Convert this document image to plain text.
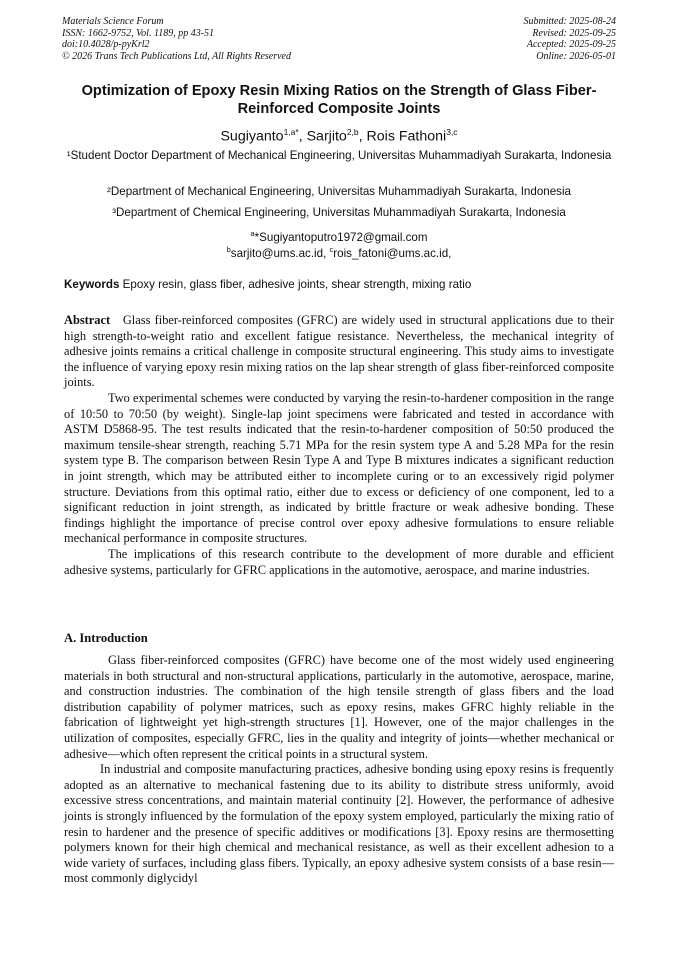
Materials Science Forum
ISSN: 1662-9752, Vol. 1189, pp 43-51
doi:10.4028/p-pyKrl2
© 2026 Trans Tech Publications Ltd, All Rights Reserved
Submitted: 2025-08-24
Revised: 2025-09-25
Accepted: 2025-09-25
Online: 2026-05-01
Optimization of Epoxy Resin Mixing Ratios on the Strength of Glass Fiber-Reinforced Composite Joints
Sugiyanto$^{1,a*}$, Sarjito$^{2,b}$, Rois Fathoni$^{3,c}$
¹Student Doctor Department of Mechanical Engineering, Universitas Muhammadiyah Surakarta, Indonesia
²Department of Mechanical Engineering, Universitas Muhammadiyah Surakarta, Indonesia
³Department of Chemical Engineering, Universitas Muhammadiyah Surakarta, Indonesia
$^a$*Sugiyantoputro1972@gmail.com
$^b$sarjito@ums.ac.id, $^c$rois_fatoni@ums.ac.id,
Keywords Epoxy resin, glass fiber, adhesive joints, shear strength, mixing ratio

Abstract Glass fiber-reinforced composites (GFRC) are widely used in structural applications due to their high strength-to-weight ratio and excellent fatigue resistance. Nevertheless, the mechanical integrity of adhesive joints remains a critical challenge in composite structural engineering. This study aims to investigate the influence of varying epoxy resin mixing ratios on the lap shear strength of glass fiber-reinforced composite joints.

Two experimental schemes were conducted by varying the resin-to-hardener composition in the range of 10:50 to 70:50 (by weight). Single-lap joint specimens were fabricated and tested in accordance with ASTM D5868-95. The test results indicated that the resin-to-hardener composition of 50:50 produced the maximum tensile-shear strength, reaching 5.71 MPa for the resin system type A and 5.28 MPa for the resin system type B. The comparison between Resin Type A and Type B mixtures indicates a significant reduction in joint strength, which may be attributed either to incomplete curing or to an excessively rigid polymer structure. Deviations from this optimal ratio, either due to excess or deficiency of one component, led to a significant reduction in joint strength, as indicated by brittle fracture or weak adhesive bonding. These findings highlight the importance of precise control over epoxy adhesive formulations to ensure reliable mechanical performance in composite structures.

The implications of this research contribute to the development of more durable and efficient adhesive systems, particularly for GFRC applications in the automotive, aerospace, and marine industries.

A. Introduction

Glass fiber-reinforced composites (GFRC) have become one of the most widely used engineering materials in both structural and non-structural applications, particularly in the automotive, aerospace, marine, and construction industries. The combination of the high tensile strength of glass fibers and the load distribution capability of polymer matrices, such as epoxy resins, makes GFRC highly reliable in the fabrication of lightweight yet high-strength structures [1]. However, one of the major challenges in the utilization of composites, especially GFRC, lies in the quality and integrity of joints—whether mechanical or adhesive—which often represent the critical points in a structural system.

In industrial and composite manufacturing practices, adhesive bonding using epoxy resins is frequently adopted as an alternative to mechanical fastening due to its ability to distribute stress uniformly, avoid excessive stress concentrations, and maintain material continuity [2]. However, the performance of adhesive joints is strongly influenced by the formulation of the epoxy system employed, particularly the mixing ratio of resin to hardener and the presence of specific additives or modifications [3]. Epoxy resins are thermosetting polymers known for their high chemical and mechanical resistance, as well as their excellent adhesion to a wide variety of surfaces, including glass fibers. Typically, an epoxy adhesive system consists of a base resin—most commonly diglycidyl
